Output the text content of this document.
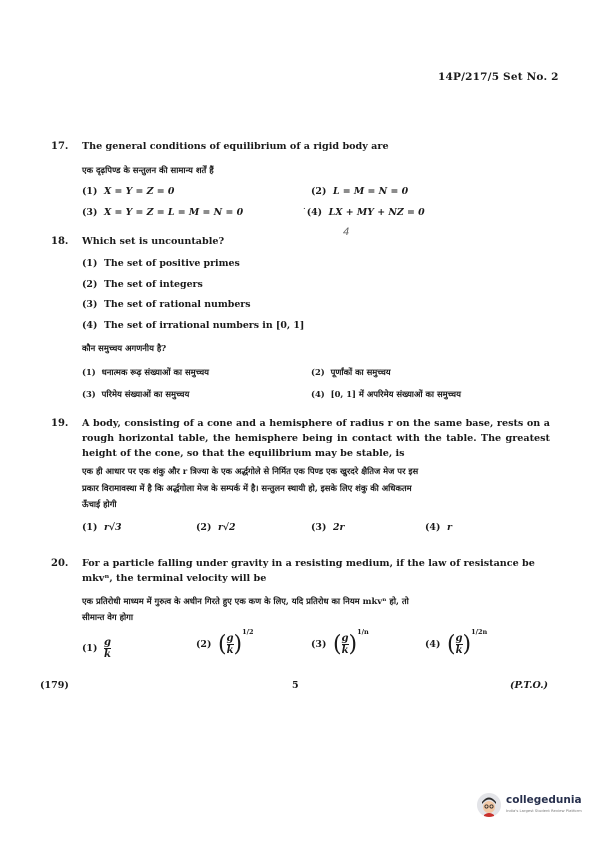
14P/217/5 Set No. 2
17. The general conditions of equilibrium of a rigid body are
एक दृढ़पिण्ड के सन्तुलन की सामान्य शर्तें हैं
(1) X = Y = Z = 0	(2) L = M = N = 0
(3) X = Y = Z = L = M = N = 0	˙(4) LX + MY + NZ = 0
4
18. Which set is uncountable?
(1) The set of positive primes
(2) The set of integers
(3) The set of rational numbers
(4) The set of irrational numbers in [0, 1]
कौन समुच्चय अगणनीय है?
(1) धनात्मक रूढ़ संख्याओं का समुच्चय	(2) पूर्णांकों का समुच्चय
(3) परिमेय संख्याओं का समुच्चय	(4) [0, 1] में अपरिमेय संख्याओं का समुच्चय
19. A body, consisting of a cone and a hemisphere of radius r on the same base, rests on a rough horizontal table, the hemisphere being in contact with the table. The greatest height of the cone, so that the equilibrium may be stable, is
एक ही आधार पर एक शंकु और r त्रिज्या के एक अर्द्धगोले से निर्मित एक पिण्ड एक खुरदरे क्षैतिज मेज पर इस
प्रकार विरामावस्था में है कि अर्द्धगोला मेज के सम्पर्क में है। सन्तुलन स्थायी हो, इसके लिए शंकु की अधिकतम
ऊँचाई होगी
(1) r√3	(2) r√2	(3) 2r	(4) r
20. For a particle falling under gravity in a resisting medium, if the law of resistance be
mkvⁿ, the terminal velocity will be
एक प्रतिरोधी माध्यम में गुरुत्व के अधीन गिरते हुए एक कण के लिए, यदि प्रतिरोध का नियम mkvⁿ हो, तो
सीमान्त वेग होगा
$(1) \frac{g}{k}$	(2) ( $\frac{g}{k} )^{1/2}$
(3) ( $\frac{g}{k} )^{1/n}$
(4) ( $\frac{g}{k} )^{1/2n}$
(179)	5	(P.T.O.)
collegedunia
India's Largest Student Review Platform
